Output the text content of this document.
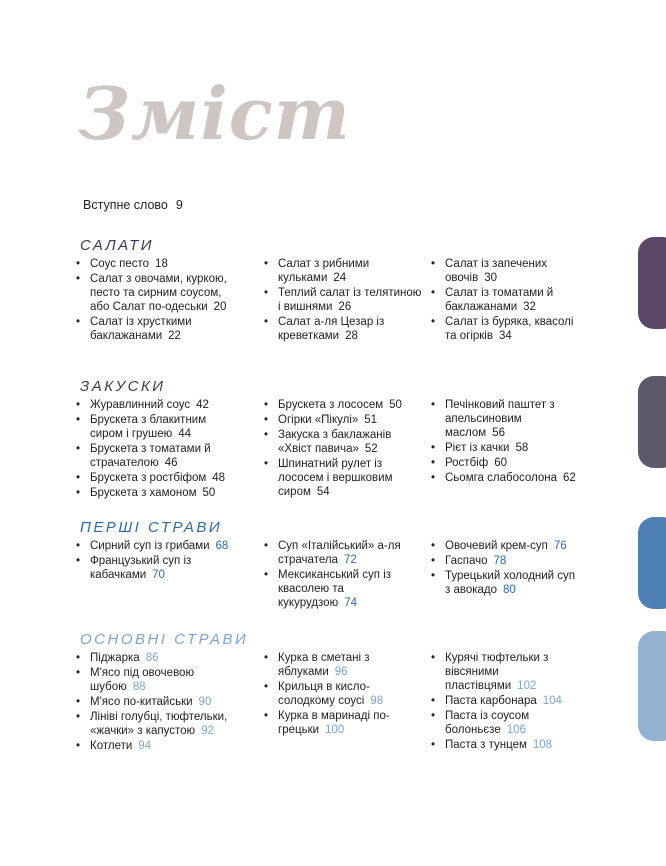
Зміст
Вступне слово 9
САЛАТИ
• Соус песто 18
• Салат з овочами, куркою, песто та сирним соусом, або Салат по-одеськи 20
• Салат із хрусткими баклажанами 22
• Салат з рибними кульками 24
• Теплий салат із телятиною і вишнями 26
• Салат а-ля Цезар із креветками 28
• Салат із запечених овочів 30
• Салат із томатами й баклажанами 32
• Салат із буряка, квасолі та огірків 34
ЗАКУСКИ
• Журавлинний соус 42
• Брускета з блакитним сиром і грушею 44
• Брускета з томатами й страчателою 46
• Брускета з ростбіфом 48
• Брускета з хамоном 50
• Брускета з лососем 50
• Огірки «Пікулі» 51
• Закуска з баклажанів «Хвіст павича» 52
• Шпинатний рулет із лососем і вершковим сиром 54
• Печінковий паштет з апельсиновим маслом 56
• Рієт із качки 58
• Ростбіф 60
• Сьомга слабосолона 62
ПЕРШІ СТРАВИ
• Сирний суп із грибами 68
• Французький суп із кабачками 70
• Суп «Італійський» а-ля страчатела 72
• Мексиканський суп із квасолею та кукурудзою 74
• Овочевий крем-суп 76
• Гаспачо 78
• Турецький холодний суп з авокадо 80
ОСНОВНІ СТРАВИ
• Піджарка 86
• М'ясо під овочевою шубою 88
• М'ясо по-китайськи 90
• Лініві голубці, тюфтельки, «жачки» з капустою 92
• Котлети 94
• Курка в сметані з яблуками 96
• Крильця в кисло-солодкому соусі 98
• Курка в маринаді по-грецьки 100
• Курячі тюфтельки з вівсяними пластівцями 102
• Паста карбонара 104
• Паста із соусом болоньєзе 106
• Паста з тунцем 108
